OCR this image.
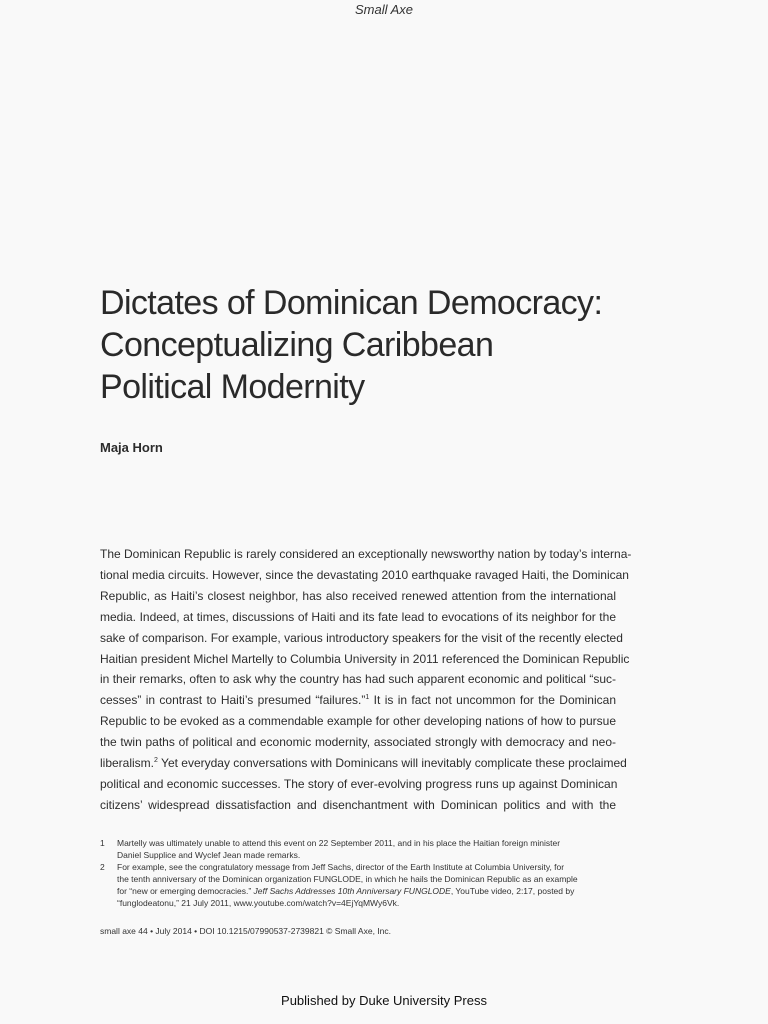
Small Axe
Dictates of Dominican Democracy:
Conceptualizing Caribbean
Political Modernity

Maja Horn

The Dominican Republic is rarely considered an exceptionally newsworthy nation by today’s interna-
tional media circuits. However, since the devastating 2010 earthquake ravaged Haiti, the Dominican
Republic, as Haiti’s closest neighbor, has also received renewed attention from the international
media. Indeed, at times, discussions of Haiti and its fate lead to evocations of its neighbor for the
sake of comparison. For example, various introductory speakers for the visit of the recently elected
Haitian president Michel Martelly to Columbia University in 2011 referenced the Dominican Republic
in their remarks, often to ask why the country has had such apparent economic and political “suc-
cesses” in contrast to Haiti’s presumed “failures.”$^1$ It is in fact not uncommon for the Dominican
Republic to be evoked as a commendable example for other developing nations of how to pursue
the twin paths of political and economic modernity, associated strongly with democracy and neo-
liberalism.$^2$ Yet everyday conversations with Dominicans will inevitably complicate these proclaimed
political and economic successes. The story of ever-evolving progress runs up against Dominican
citizens’ widespread dissatisfaction and disenchantment with Dominican politics and with the
1 Martelly was ultimately unable to attend this event on 22 September 2011, and in his place the Haitian foreign minister
Daniel Supplice and Wyclef Jean made remarks.
2 For example, see the congratulatory message from Jeff Sachs, director of the Earth Institute at Columbia University, for
the tenth anniversary of the Dominican organization FUNGLODE, in which he hails the Dominican Republic as an example
for “new or emerging democracies.” Jeff Sachs Addresses 10th Anniversary FUNGLODE, YouTube video, 2:17, posted by
“funglodeatonu,” 21 July 2011, www.youtube.com/watch?v=4EjYqMWy6Vk.
small axe 44 • July 2014 • DOI 10.1215/07990537-2739821 © Small Axe, Inc.
Published by Duke University Press
